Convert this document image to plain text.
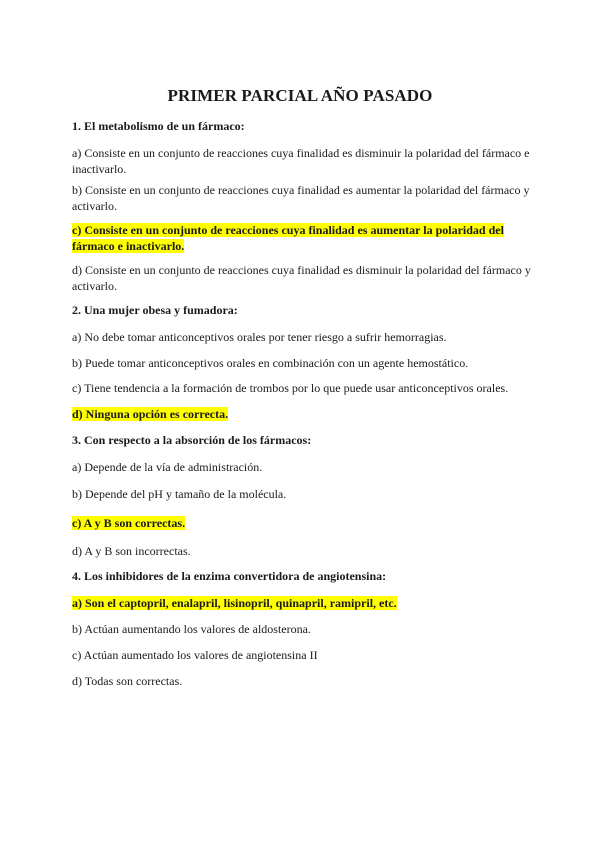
PRIMER PARCIAL AÑO PASADO
1. El metabolismo de un fármaco:
a) Consiste en un conjunto de reacciones cuya finalidad es disminuir la polaridad del fármaco e inactivarlo.
b) Consiste en un conjunto de reacciones cuya finalidad es aumentar la polaridad del fármaco y activarlo.
c) Consiste en un conjunto de reacciones cuya finalidad es aumentar la polaridad del fármaco e inactivarlo.
d) Consiste en un conjunto de reacciones cuya finalidad es disminuir la polaridad del fármaco y activarlo.
2. Una mujer obesa y fumadora:
a) No debe tomar anticonceptivos orales por tener riesgo a sufrir hemorragias.
b) Puede tomar anticonceptivos orales en combinación con un agente hemostático.
c) Tiene tendencia a la formación de trombos por lo que puede usar anticonceptivos orales.
d) Ninguna opción es correcta.
3. Con respecto a la absorción de los fármacos:
a) Depende de la vía de administración.
b) Depende del pH y tamaño de la molécula.
c) A y B son correctas.
d) A y B son incorrectas.
4. Los inhibidores de la enzima convertidora de angiotensina:
a) Son el captopril, enalapril, lisinopril, quinapril, ramipril, etc.
b) Actúan aumentando los valores de aldosterona.
c) Actúan aumentado los valores de angiotensina II
d) Todas son correctas.
